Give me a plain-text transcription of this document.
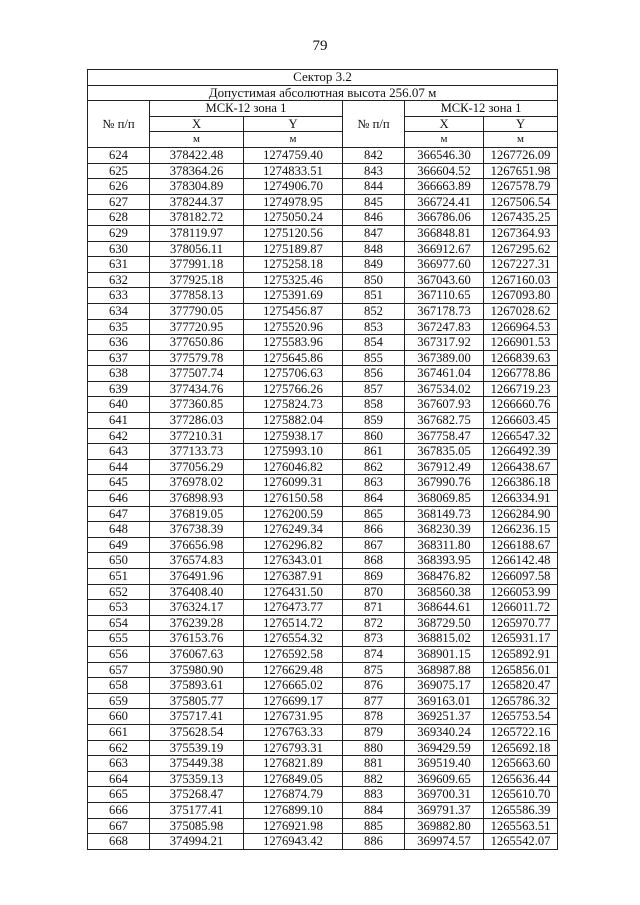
79
Сектор 3.2					
Допустимая абсолютная высота 256.07 м					
№ п/п	МСК-12 зона 1		№ п/п	МСК-12 зона 1	
	X	Y		X	Y
	м	м		м	м
624	378422.48	1274759.40	842	366546.30	1267726.09
625	378364.26	1274833.51	843	366604.52	1267651.98
626	378304.89	1274906.70	844	366663.89	1267578.79
627	378244.37	1274978.95	845	366724.41	1267506.54
628	378182.72	1275050.24	846	366786.06	1267435.25
629	378119.97	1275120.56	847	366848.81	1267364.93
630	378056.11	1275189.87	848	366912.67	1267295.62
631	377991.18	1275258.18	849	366977.60	1267227.31
632	377925.18	1275325.46	850	367043.60	1267160.03
633	377858.13	1275391.69	851	367110.65	1267093.80
634	377790.05	1275456.87	852	367178.73	1267028.62
635	377720.95	1275520.96	853	367247.83	1266964.53
636	377650.86	1275583.96	854	367317.92	1266901.53
637	377579.78	1275645.86	855	367389.00	1266839.63
638	377507.74	1275706.63	856	367461.04	1266778.86
639	377434.76	1275766.26	857	367534.02	1266719.23
640	377360.85	1275824.73	858	367607.93	1266660.76
641	377286.03	1275882.04	859	367682.75	1266603.45
642	377210.31	1275938.17	860	367758.47	1266547.32
643	377133.73	1275993.10	861	367835.05	1266492.39
644	377056.29	1276046.82	862	367912.49	1266438.67
645	376978.02	1276099.31	863	367990.76	1266386.18
646	376898.93	1276150.58	864	368069.85	1266334.91
647	376819.05	1276200.59	865	368149.73	1266284.90
648	376738.39	1276249.34	866	368230.39	1266236.15
649	376656.98	1276296.82	867	368311.80	1266188.67
650	376574.83	1276343.01	868	368393.95	1266142.48
651	376491.96	1276387.91	869	368476.82	1266097.58
652	376408.40	1276431.50	870	368560.38	1266053.99
653	376324.17	1276473.77	871	368644.61	1266011.72
654	376239.28	1276514.72	872	368729.50	1265970.77
655	376153.76	1276554.32	873	368815.02	1265931.17
656	376067.63	1276592.58	874	368901.15	1265892.91
657	375980.90	1276629.48	875	368987.88	1265856.01
658	375893.61	1276665.02	876	369075.17	1265820.47
659	375805.77	1276699.17	877	369163.01	1265786.32
660	375717.41	1276731.95	878	369251.37	1265753.54
661	375628.54	1276763.33	879	369340.24	1265722.16
662	375539.19	1276793.31	880	369429.59	1265692.18
663	375449.38	1276821.89	881	369519.40	1265663.60
664	375359.13	1276849.05	882	369609.65	1265636.44
665	375268.47	1276874.79	883	369700.31	1265610.70
666	375177.41	1276899.10	884	369791.37	1265586.39
667	375085.98	1276921.98	885	369882.80	1265563.51
668	374994.21	1276943.42	886	369974.57	1265542.07
